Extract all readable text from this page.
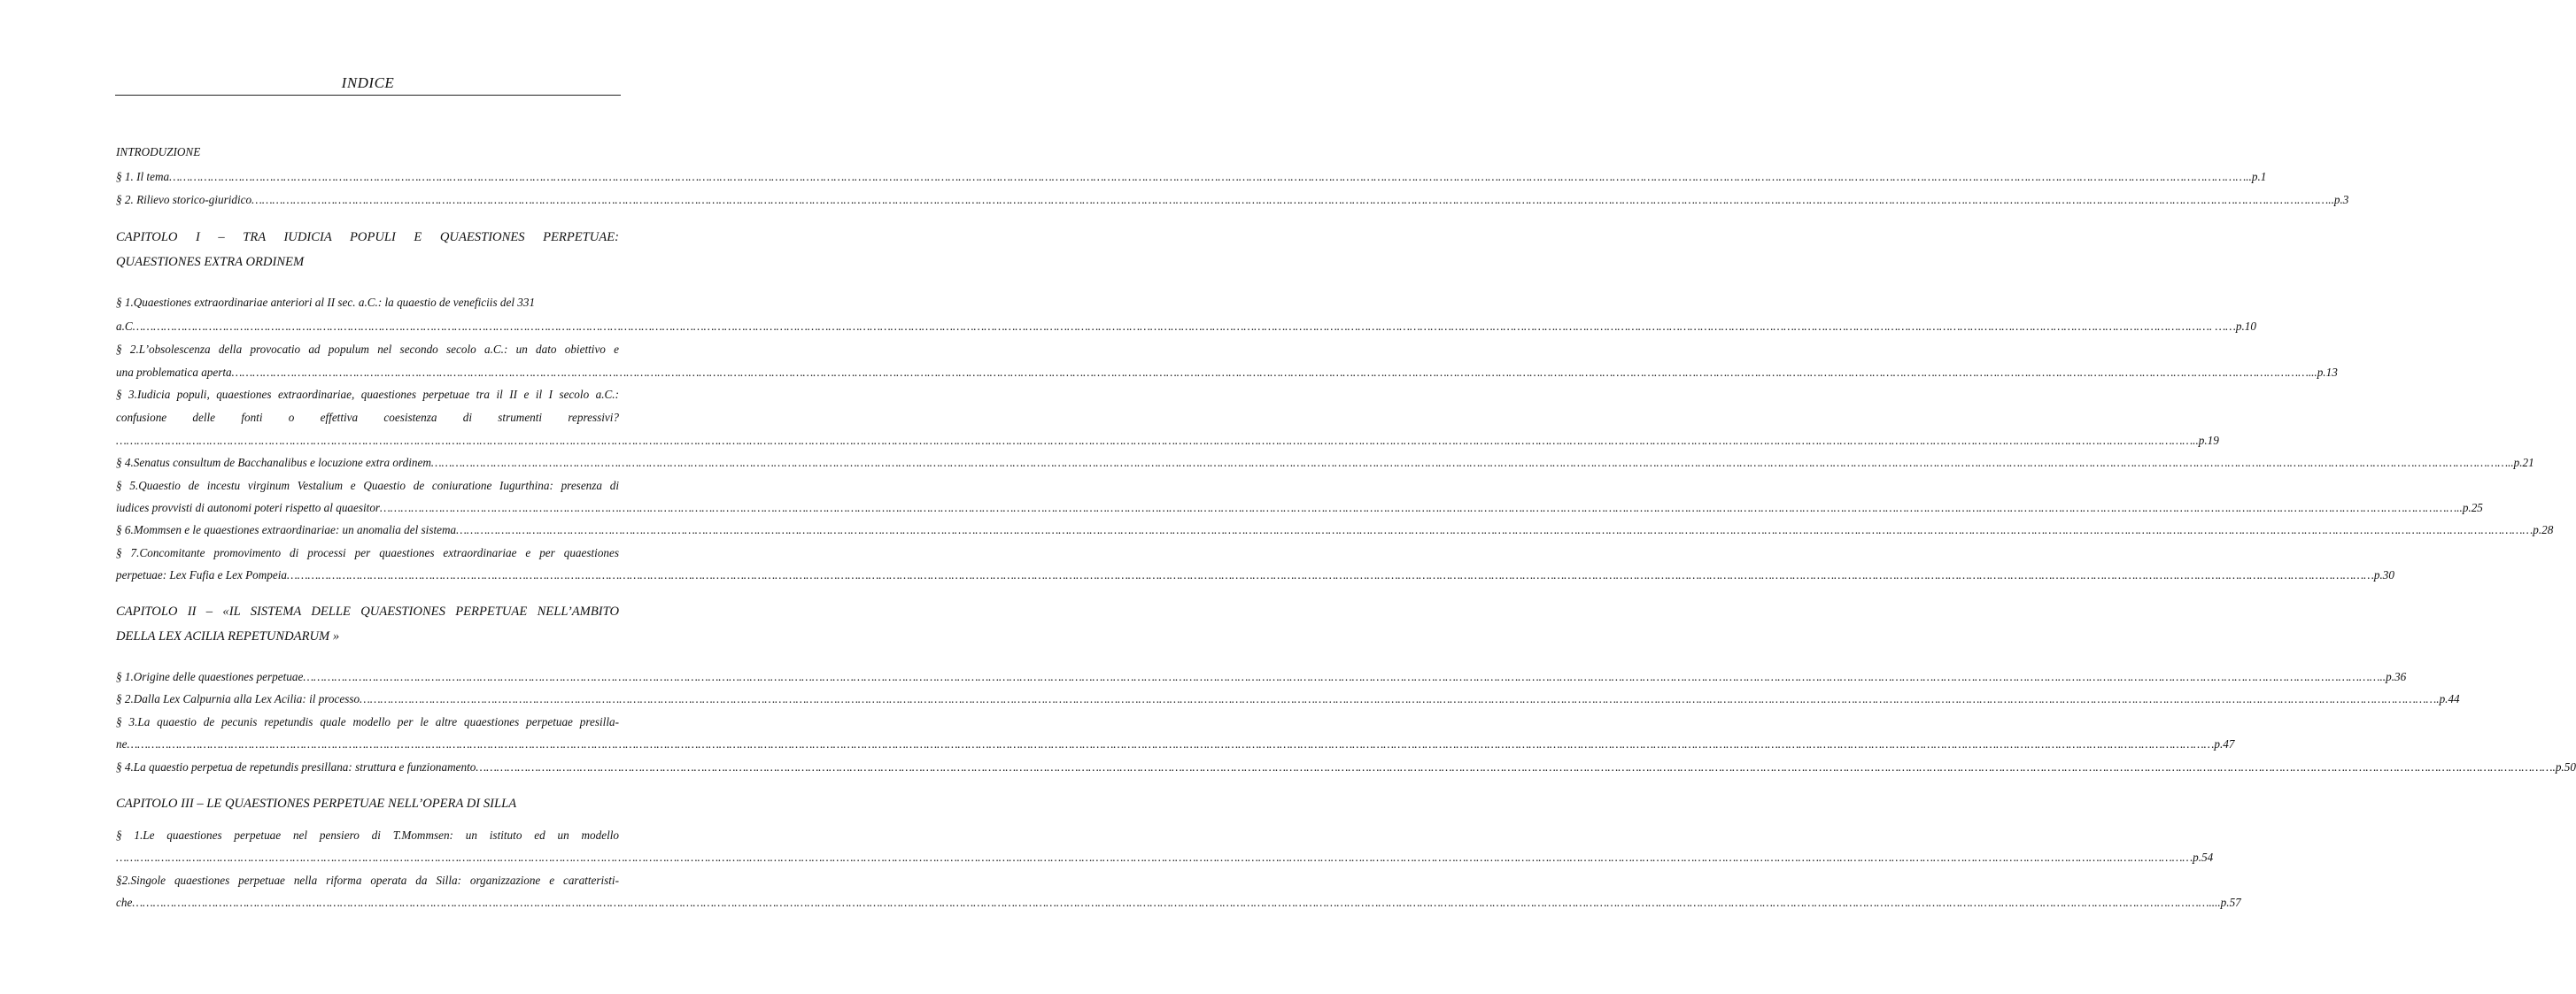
INDICE
INTRODUZIONE
§ 1. Il tema …………………………………………………………………………………………………………………………………………………………………………………………………………………………………………………………………………………………………………………………………………………………………………………………………………………………………………………………………………………………………………………………………………………… ..p.1
§ 2. Rilievo storico-giuridico …………………………………………………………………………………………………………………………………………………………………………………………………………………………………………………………………………………………………………………………………………………………………………………………………………………………………………………………………………………………………………………………………………………… ..p.3
CAPITOLO I – TRA IUDICIA POPULI E QUAESTIONES PERPETUAE:
QUAESTIONES EXTRA ORDINEM
§ 1.Quaestiones extraordinariae anteriori al II sec. a.C.: la quaestio de veneficiis del 331
a.C …………………………………………………………………………………………………………………………………………………………………………………………………………………………………………………………………………………………………………………………………………………………………………………………………………………………………………………………………………………………………………………………………………………… . ……p.10
§ 2.L’obsolescenza della provocatio ad populum nel secondo secolo a.C.: un dato obiettivo e
una problematica aperta …………………………………………………………………………………………………………………………………………………………………………………………………………………………………………………………………………………………………………………………………………………………………………………………………………………………………………………………………………………………………………………………………………………… ...p.13
§ 3.Iudicia populi, quaestiones extraordinariae, quaestiones perpetuae tra il II e il I secolo a.C.:
confusione delle fonti o effettiva coesistenza di strumenti repressivi?
…………………………………………………………………………………………………………………………………………………………………………………………………………………………………………………………………………………………………………………………………………………………………………………………………………………………………………………………………………………………………………………………………………………… ..p.19
§ 4.Senatus consultum de Bacchanalibus e locuzione extra ordinem …………………………………………………………………………………………………………………………………………………………………………………………………………………………………………………………………………………………………………………………………………………………………………………………………………………………………………………………………………………………………………………………………………………… ..p.21
§ 5.Quaestio de incestu virginum Vestalium e Quaestio de coniuratione Iugurthina: presenza di
iudices provvisti di autonomi poteri rispetto al quaesitor …………………………………………………………………………………………………………………………………………………………………………………………………………………………………………………………………………………………………………………………………………………………………………………………………………………………………………………………………………………………………………………………………………………… ..p.25
§ 6.Mommsen e le quaestiones extraordinariae: un anomalia del sistema …………………………………………………………………………………………………………………………………………………………………………………………………………………………………………………………………………………………………………………………………………………………………………………………………………………………………………………………………………………………………………………………………………………… p.28
§ 7.Concomitante promovimento di processi per quaestiones extraordinariae e per quaestiones
perpetuae: Lex Fufia e Lex Pompeia …………………………………………………………………………………………………………………………………………………………………………………………………………………………………………………………………………………………………………………………………………………………………………………………………………………………………………………………………………………………………………………………………………………… …p.30
CAPITOLO II – «IL SISTEMA DELLE QUAESTIONES PERPETUAE NELL’AMBITO
DELLA LEX ACILIA REPETUNDARUM »
§ 1.Origine delle quaestiones perpetuae …………………………………………………………………………………………………………………………………………………………………………………………………………………………………………………………………………………………………………………………………………………………………………………………………………………………………………………………………………………………………………………………………………………… ..p.36
§ 2.Dalla Lex Calpurnia alla Lex Acilia: il processo …………………………………………………………………………………………………………………………………………………………………………………………………………………………………………………………………………………………………………………………………………………………………………………………………………………………………………………………………………………………………………………………………………………… .p.44
§ 3.La quaestio de pecunis repetundis quale modello per le altre quaestiones perpetuae presilla-
ne …………………………………………………………………………………………………………………………………………………………………………………………………………………………………………………………………………………………………………………………………………………………………………………………………………………………………………………………………………………………………………………………………………………… …p.47
§ 4.La quaestio perpetua de repetundis presillana: struttura e funzionamento …………………………………………………………………………………………………………………………………………………………………………………………………………………………………………………………………………………………………………………………………………………………………………………………………………………………………………………………………………………………………………………………………………………… .p.50
CAPITOLO III – LE QUAESTIONES PERPETUAE NELL’OPERA DI SILLA
§ 1.Le quaestiones perpetuae nel pensiero di T.Mommsen: un istituto ed un modello
…………………………………………………………………………………………………………………………………………………………………………………………………………………………………………………………………………………………………………………………………………………………………………………………………………………………………………………………………………………………………………………………………………………… p.54
§2.Singole quaestiones perpetuae nella riforma operata da Silla: organizzazione e caratteristi-
che …………………………………………………………………………………………………………………………………………………………………………………………………………………………………………………………………………………………………………………………………………………………………………………………………………………………………………………………………………………………………………………………………………………… ....p.57
